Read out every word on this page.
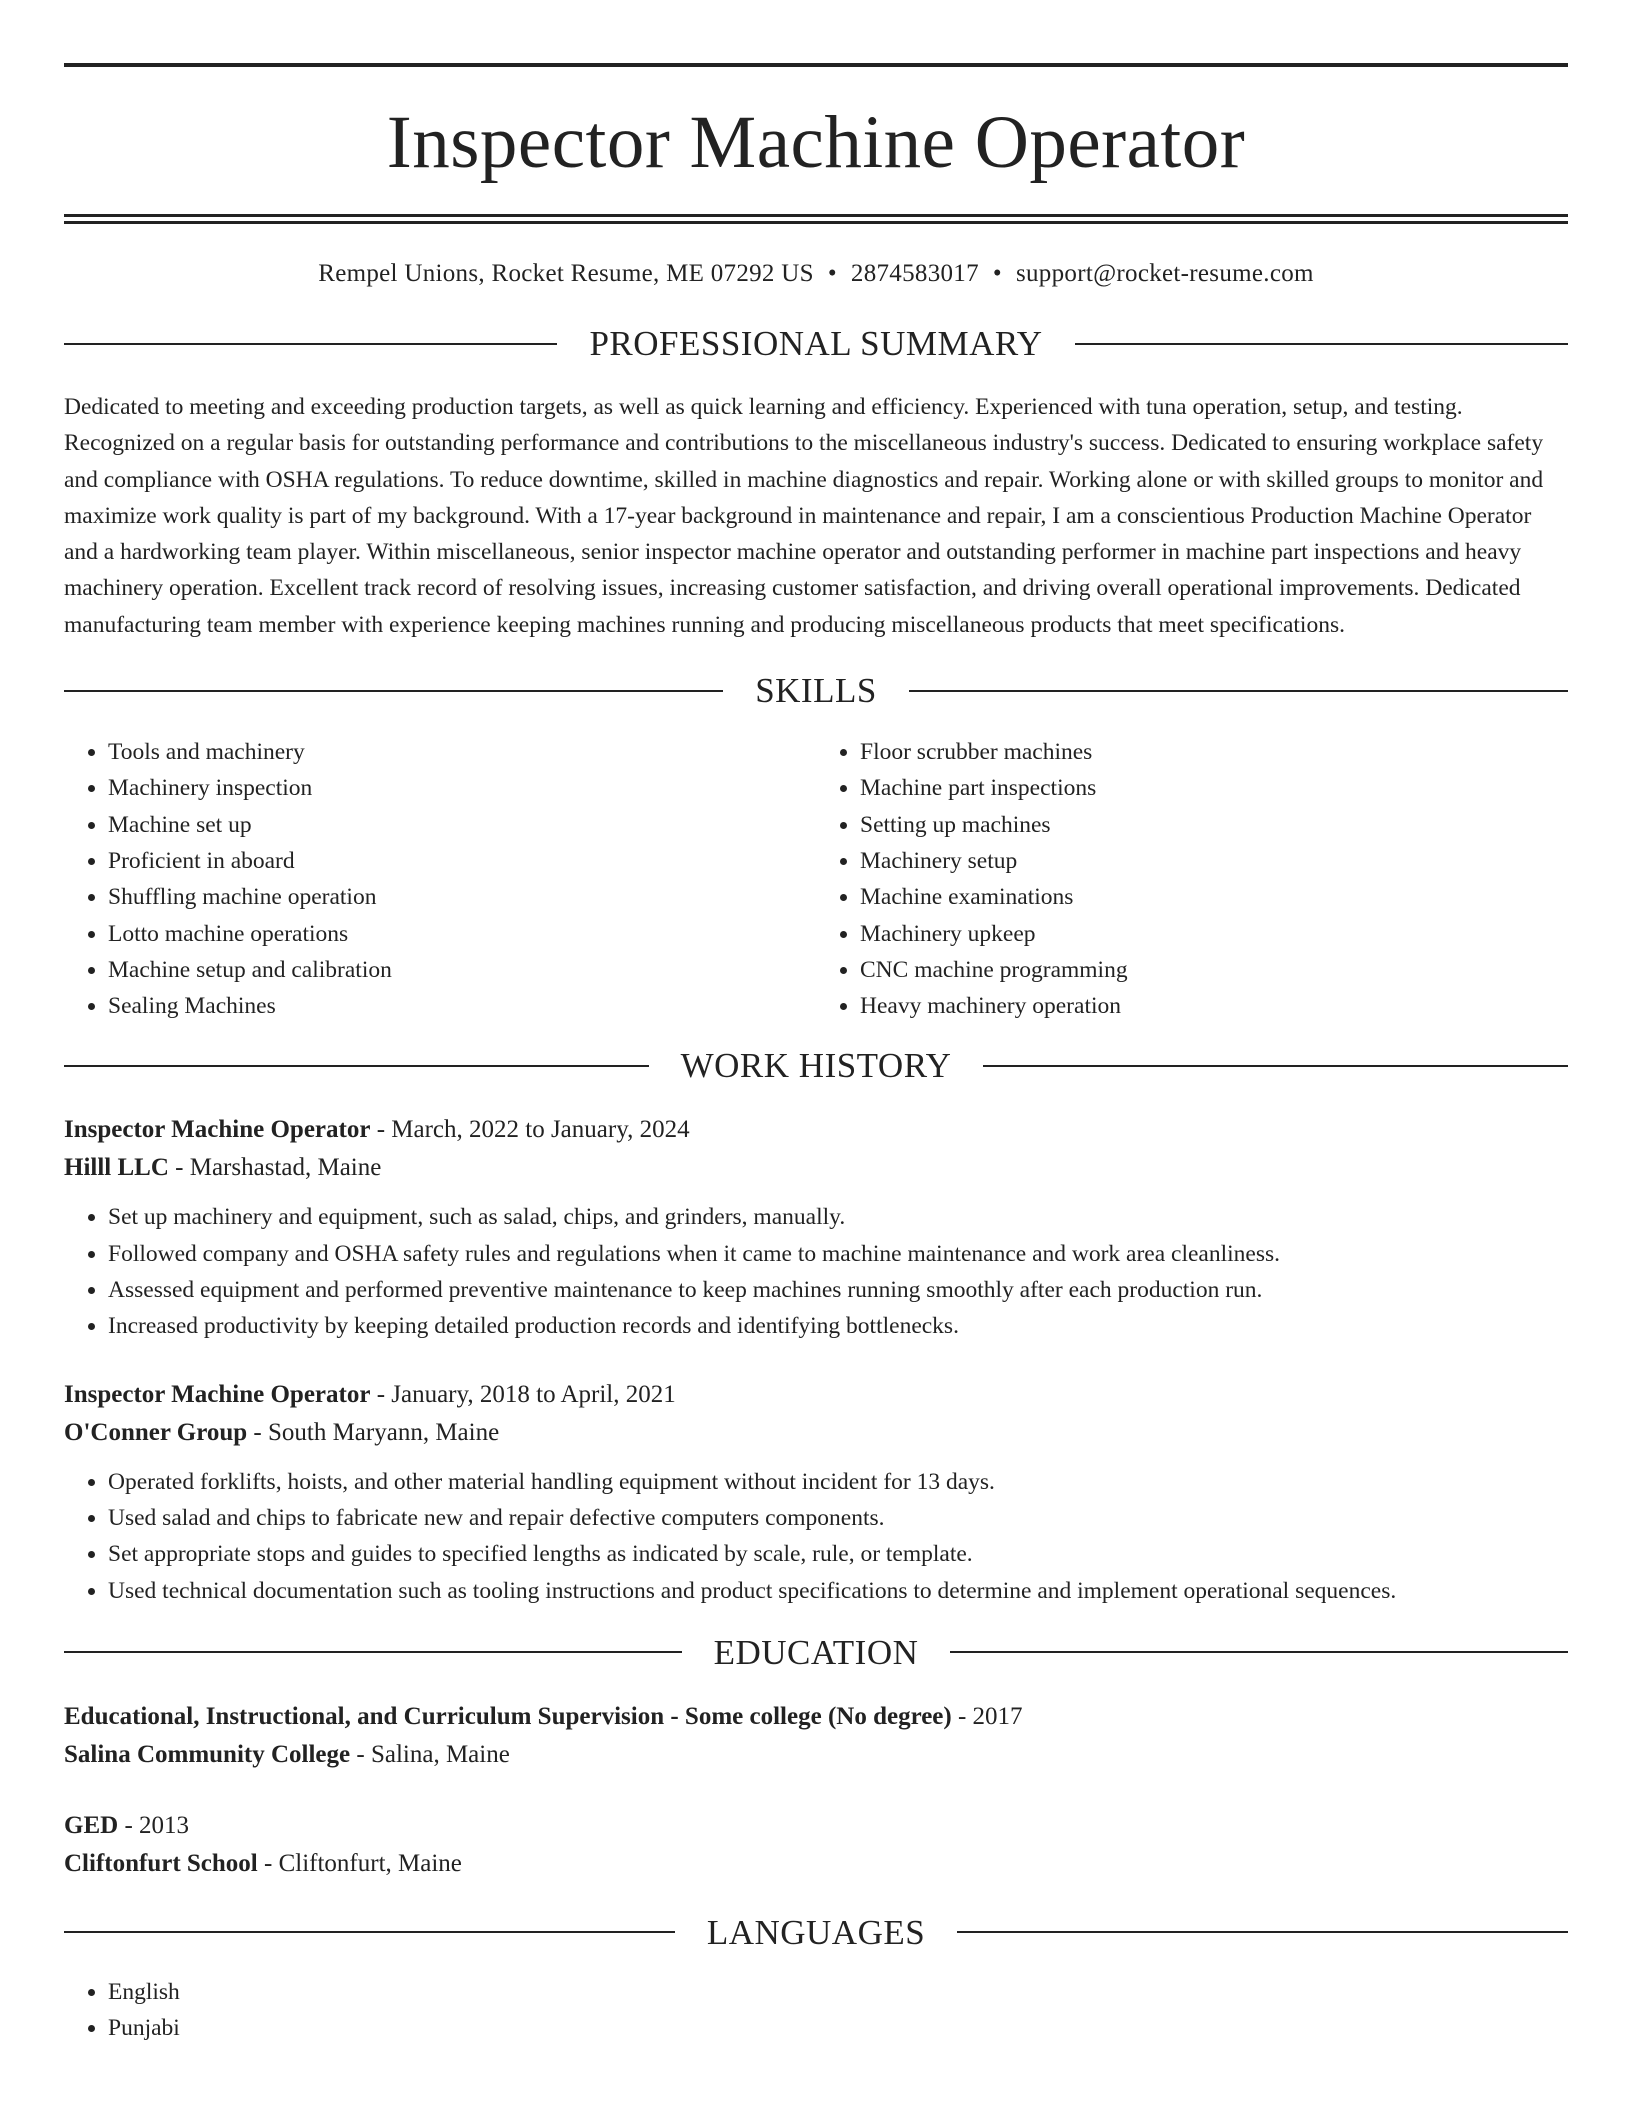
Inspector Machine Operator
Rempel Unions, Rocket Resume, ME 07292 US • 2874583017 • support@rocket-resume.com
PROFESSIONAL SUMMARY

Dedicated to meeting and exceeding production targets, as well as quick learning and efficiency. Experienced with tuna operation, setup, and testing. Recognized on a regular basis for outstanding performance and contributions to the miscellaneous industry's success. Dedicated to ensuring workplace safety and compliance with OSHA regulations. To reduce downtime, skilled in machine diagnostics and repair. Working alone or with skilled groups to monitor and maximize work quality is part of my background. With a 17-year background in maintenance and repair, I am a conscientious Production Machine Operator and a hardworking team player. Within miscellaneous, senior inspector machine operator and outstanding performer in machine part inspections and heavy machinery operation. Excellent track record of resolving issues, increasing customer satisfaction, and driving overall operational improvements. Dedicated manufacturing team member with experience keeping machines running and producing miscellaneous products that meet specifications.

SKILLS
• Tools and machinery
• Machinery inspection
• Machine set up
• Proficient in aboard
• Shuffling machine operation
• Lotto machine operations
• Machine setup and calibration
• Sealing Machines
• Floor scrubber machines
• Machine part inspections
• Setting up machines
• Machinery setup
• Machine examinations
• Machinery upkeep
• CNC machine programming
• Heavy machinery operation
WORK HISTORY
Inspector Machine Operator - March, 2022 to January, 2024
Hilll LLC - Marshastad, Maine
• Set up machinery and equipment, such as salad, chips, and grinders, manually.
• Followed company and OSHA safety rules and regulations when it came to machine maintenance and work area cleanliness.
• Assessed equipment and performed preventive maintenance to keep machines running smoothly after each production run.
• Increased productivity by keeping detailed production records and identifying bottlenecks.
Inspector Machine Operator - January, 2018 to April, 2021
O'Conner Group - South Maryann, Maine
• Operated forklifts, hoists, and other material handling equipment without incident for 13 days.
• Used salad and chips to fabricate new and repair defective computers components.
• Set appropriate stops and guides to specified lengths as indicated by scale, rule, or template.
• Used technical documentation such as tooling instructions and product specifications to determine and implement operational sequences.
EDUCATION
Educational, Instructional, and Curriculum Supervision - Some college (No degree) - 2017
Salina Community College - Salina, Maine
GED - 2013
Cliftonfurt School - Cliftonfurt, Maine
LANGUAGES
• English
• Punjabi
